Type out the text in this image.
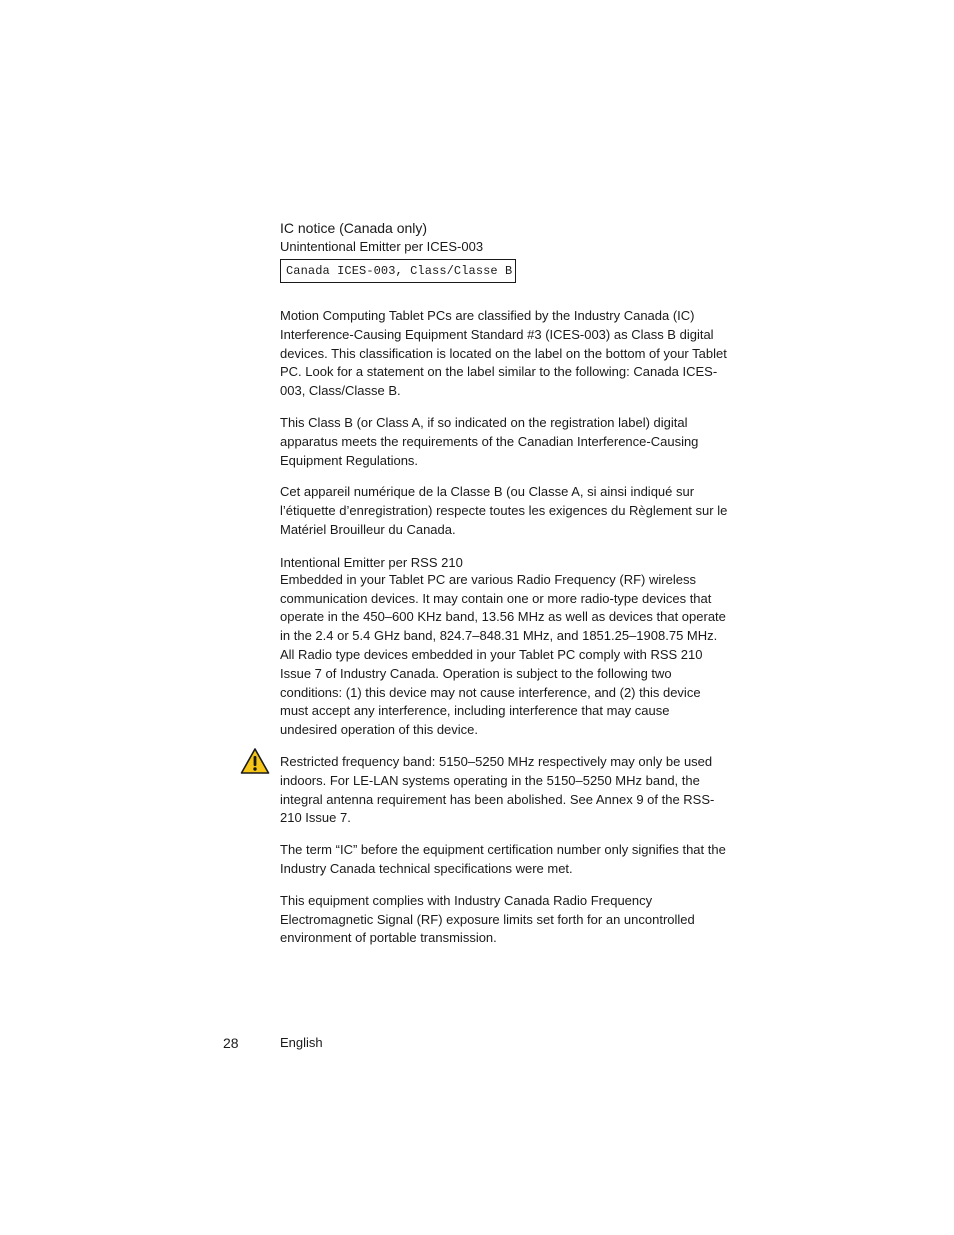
IC notice (Canada only)
Unintentional Emitter per ICES-003
Canada ICES-003, Class/Classe B

Motion Computing Tablet PCs are classified by the Industry Canada (IC) Interference-Causing Equipment Standard #3 (ICES-003) as Class B digital devices. This classification is located on the label on the bottom of your Tablet PC. Look for a statement on the label similar to the following: Canada ICES-003, Class/Classe B.

This Class B (or Class A, if so indicated on the registration label) digital apparatus meets the requirements of the Canadian Interference-Causing Equipment Regulations.

Cet appareil numérique de la Classe B (ou Classe A, si ainsi indiqué sur l’étiquette d’enregistration) respecte toutes les exigences du Règlement sur le Matériel Brouilleur du Canada.

Intentional Emitter per RSS 210

Embedded in your Tablet PC are various Radio Frequency (RF) wireless communication devices. It may contain one or more radio-type devices that operate in the 450–600 KHz band, 13.56 MHz as well as devices that operate in the 2.4 or 5.4 GHz band, 824.7–848.31 MHz, and 1851.25–1908.75 MHz. All Radio type devices embedded in your Tablet PC comply with RSS 210 Issue 7 of Industry Canada. Operation is subject to the following two conditions: (1) this device may not cause interference, and (2) this device must accept any interference, including interference that may cause undesired operation of this device.

Restricted frequency band: 5150–5250 MHz respectively may only be used indoors. For LE-LAN systems operating in the 5150–5250 MHz band, the integral antenna requirement has been abolished. See Annex 9 of the RSS-210 Issue 7.

The term “IC” before the equipment certification number only signifies that the Industry Canada technical specifications were met.

This equipment complies with Industry Canada Radio Frequency Electromagnetic Signal (RF) exposure limits set forth for an uncontrolled environment of portable transmission.

28	English
